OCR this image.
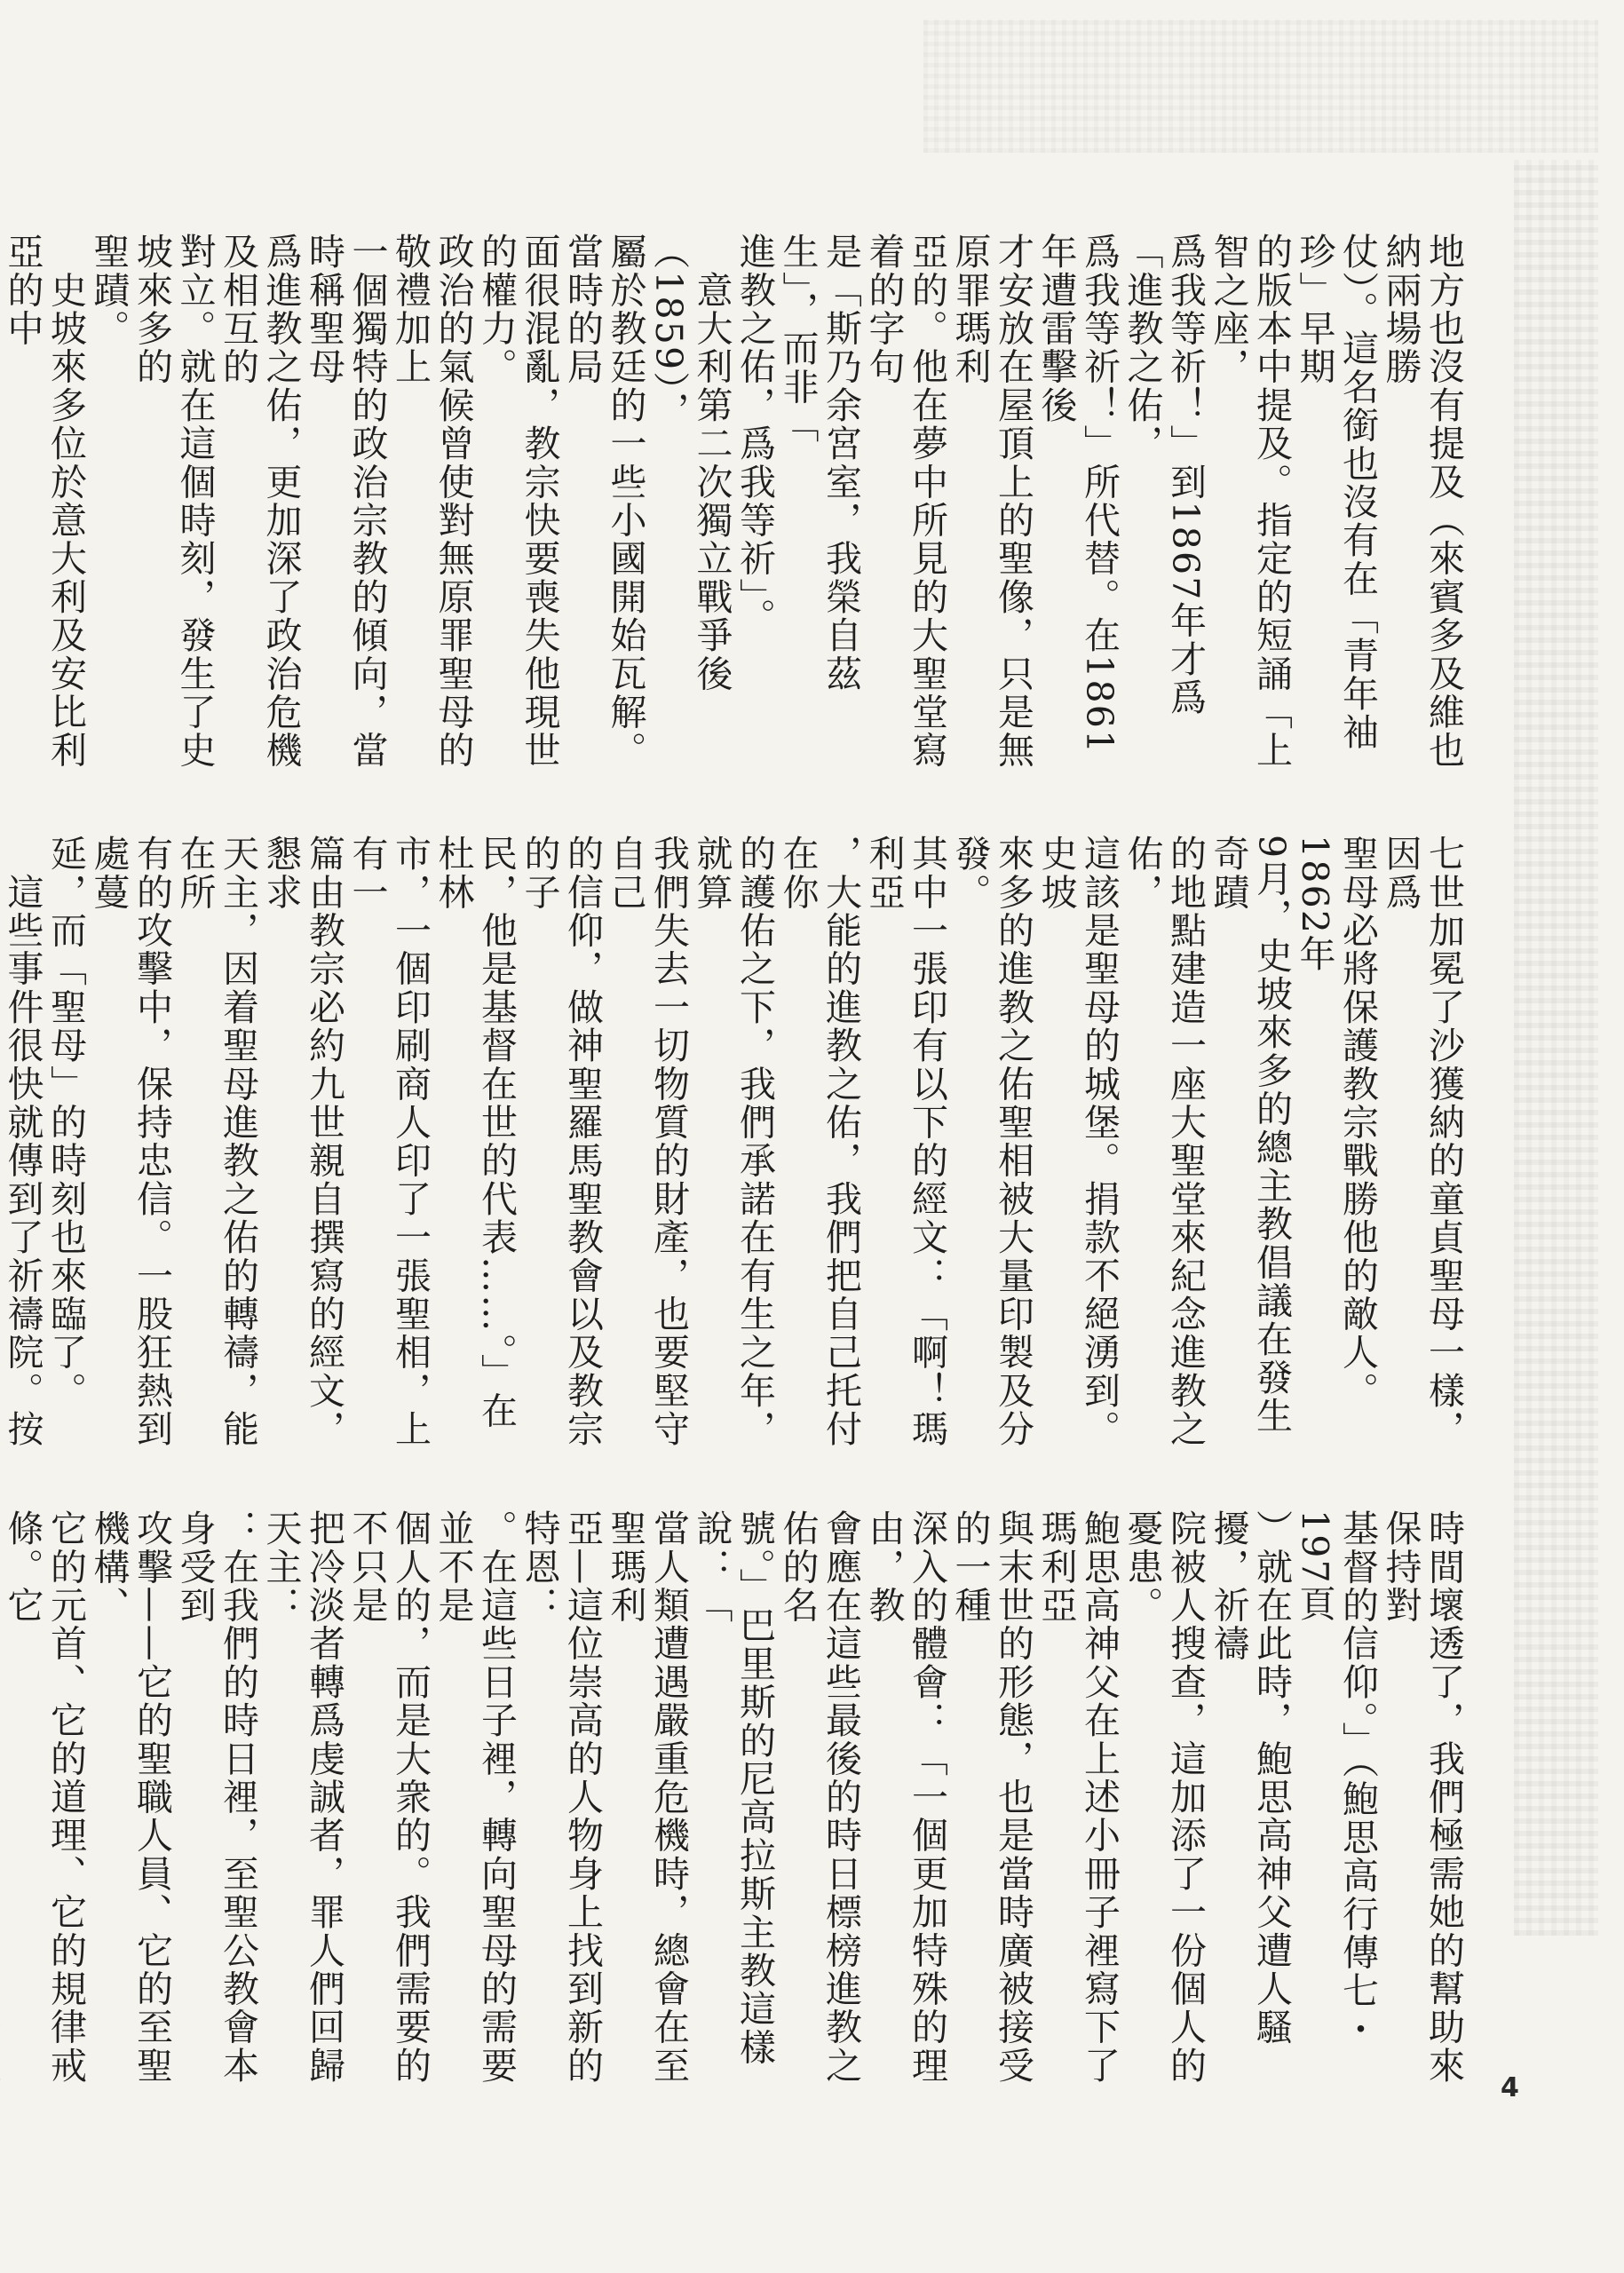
地方也沒有提及（來賓多及維也納兩場勝

仗）。這名銜也沒有在「青年袖珍」早期

的版本中提及。指定的短誦「上智之座，

爲我等祈！」到1867年才爲「進教之佑，

爲我等祈！」所代替。在1861年遭雷擊後

才安放在屋頂上的聖像，只是無原罪瑪利

亞的。他在夢中所見的大聖堂寫着的字句

是「斯乃余宮室，我榮自茲生」，而非「

進教之佑，爲我等祈」。

　意大利第二次獨立戰爭後（1859），

屬於教廷的一些小國開始瓦解。當時的局

面很混亂，教宗快要喪失他現世的權力。

政治的氣候曾使對無原罪聖母的敬禮加上

一個獨特的政治宗教的傾向，當時稱聖母

爲進教之佑，更加深了政治危機及相互的

對立。就在這個時刻，發生了史坡來多的

聖蹟。

　史坡來多位於意大利及安比利亞的中

七世加冕了沙獲納的童貞聖母一樣，因爲

聖母必將保護教宗戰勝他的敵人。1862年

9月，史坡來多的總主教倡議在發生奇蹟

的地點建造一座大聖堂來紀念進教之佑，

這該是聖母的城堡。捐款不絕湧到。史坡

來多的進教之佑聖相被大量印製及分發。

其中一張印有以下的經文：「啊！瑪利亞

，大能的進教之佑，我們把自己托付在你

的護佑之下，我們承諾在有生之年，就算

我們失去一切物質的財產，也要堅守自己

的信仰，做神聖羅馬聖教會以及教宗的子

民，他是基督在世的代表……。」在杜林

市，一個印刷商人印了一張聖相，上有一

篇由教宗必約九世親自撰寫的經文，懇求

天主，因着聖母進教之佑的轉禱，能在所

有的攻擊中，保持忠信。一股狂熱到處蔓

延，而「聖母」的時刻也來臨了。

　這些事件很快就傳到了祈禱院。按

時間壞透了，我們極需她的幫助來保持對

基督的信仰。」（鮑思高行傳七・197頁

）就在此時，鮑思高神父遭人騷擾，祈禱

院被人搜查，這加添了一份個人的憂患。

鮑思高神父在上述小冊子裡寫下了瑪利亞

與末世的形態，也是當時廣被接受的一種

深入的體會：「一個更加特殊的理由，教

會應在這些最後的時日標榜進教之佑的名

號。」巴里斯的尼高拉斯主教這樣說：「

當人類遭遇嚴重危機時，總會在至聖瑪利

亞—這位崇高的人物身上找到新的特恩：

。在這些日子裡，轉向聖母的需要並不是

個人的，而是大衆的。我們需要的不只是

把冷淡者轉爲虔誠者，罪人們回歸天主：

：在我們的時日裡，至聖公教會本身受到

攻擊——它的聖職人員、它的至聖機構、

它的元首、它的道理、它的規律戒條。它

4
